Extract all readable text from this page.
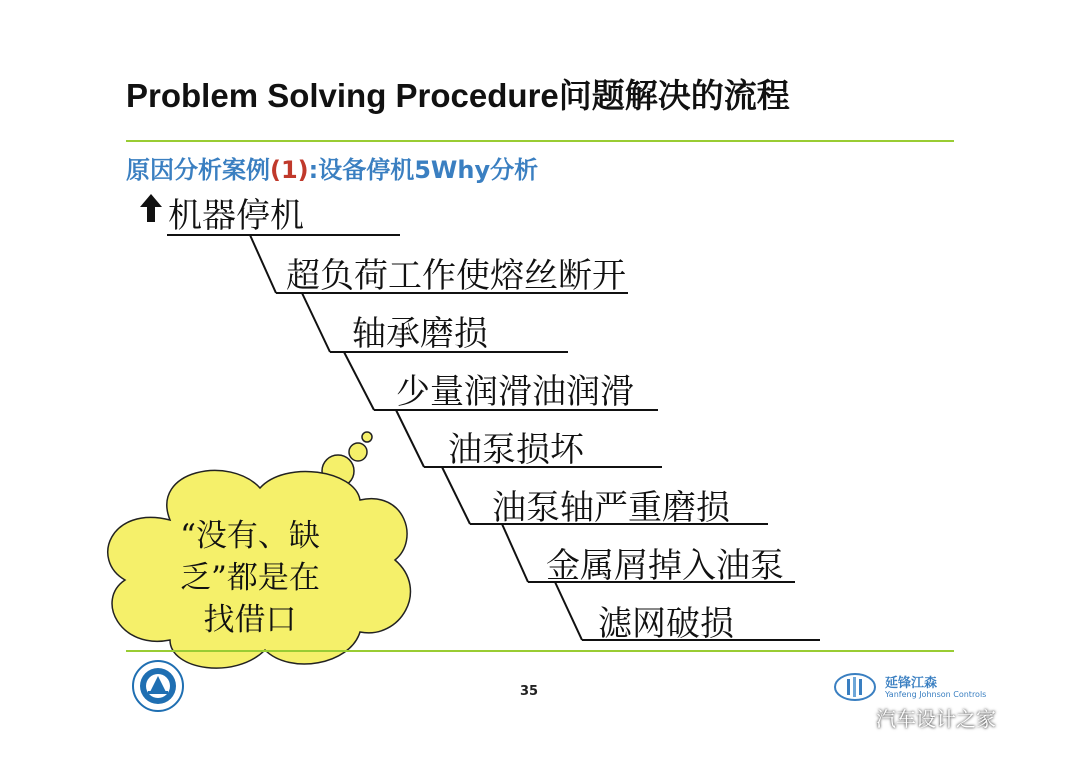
Problem Solving Procedure问题解决的流程
原因分析案例(1):设备停机5Why分析
机器停机
超负荷工作使熔丝断开
轴承磨损
少量润滑油润滑
油泵损坏
油泵轴严重磨损
金属屑掉入油泵
滤网破损
“没有、缺
乏”都是在
找借口
35
延锋江森
Yanfeng Johnson Controls
汽车设计之家
